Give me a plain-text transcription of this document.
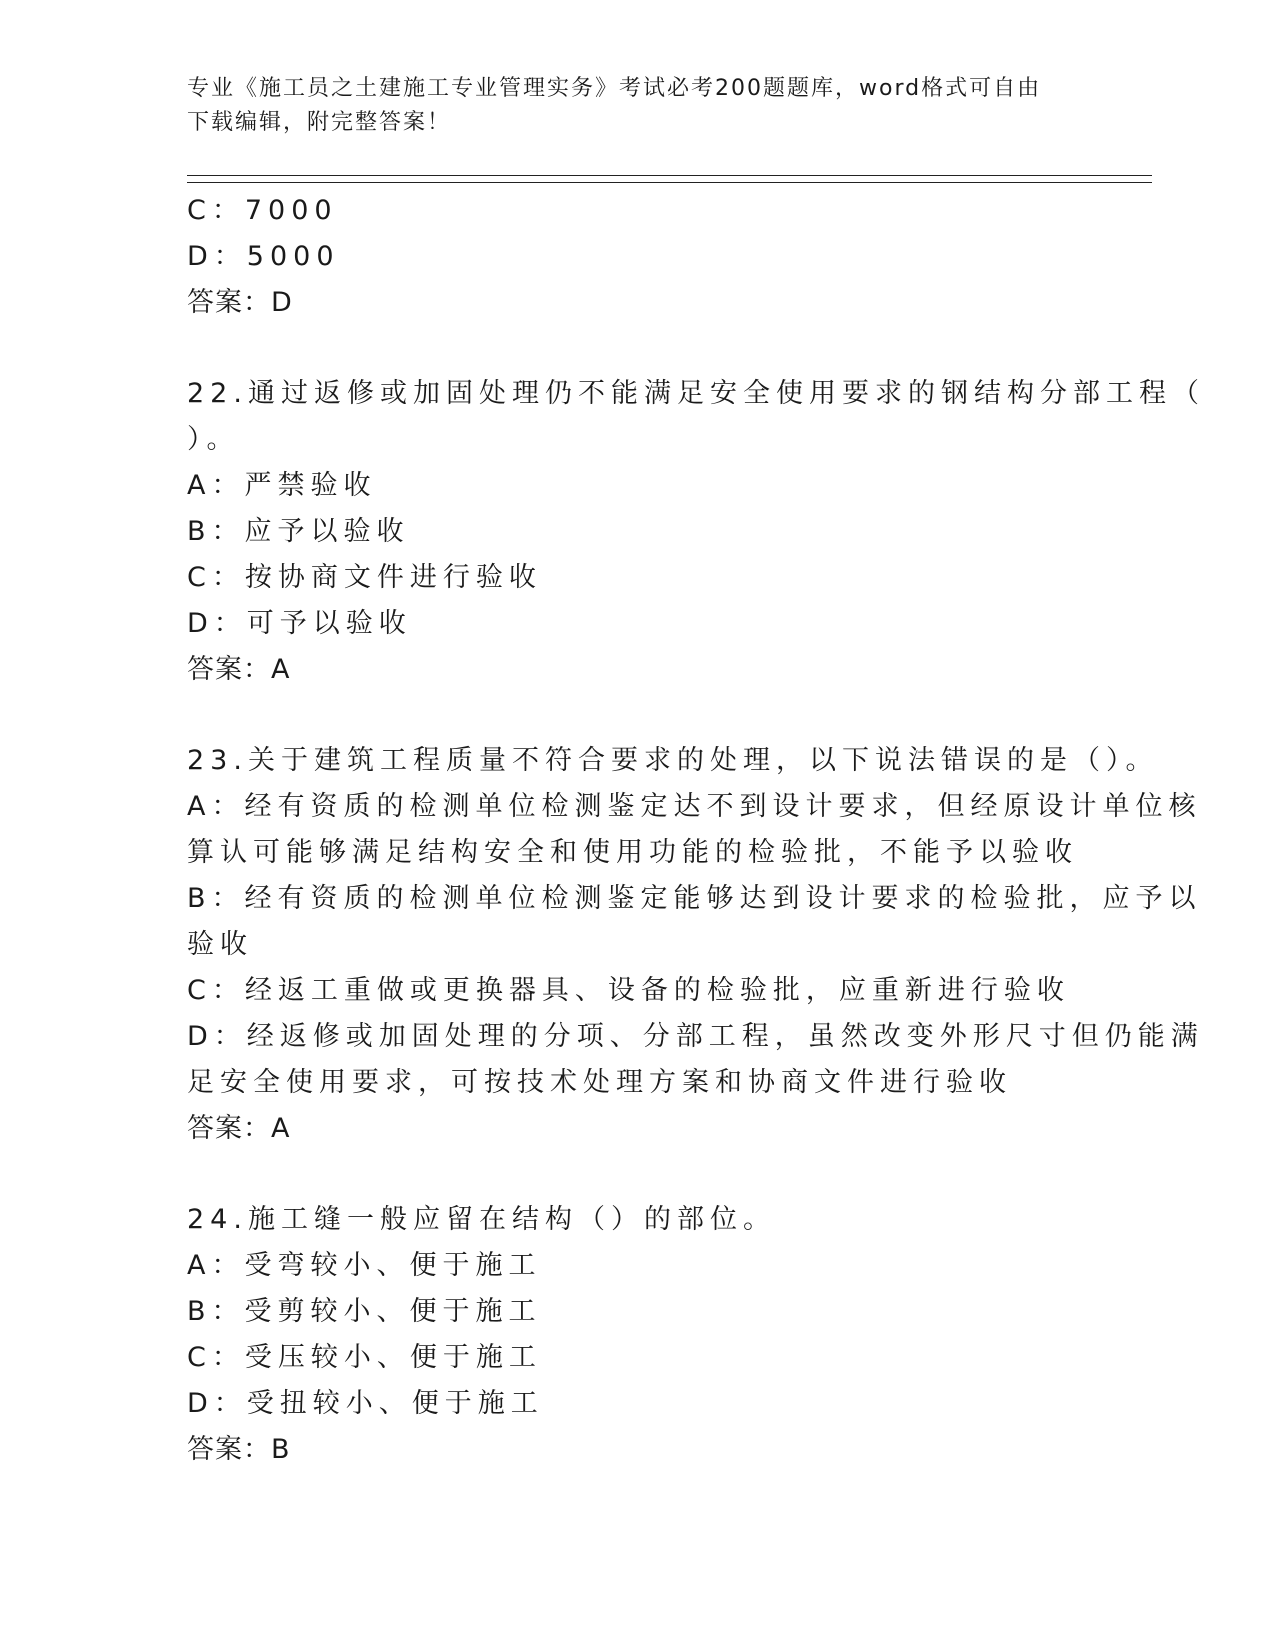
专业《施工员之土建施工专业管理实务》考试必考200题题库，word格式可自由
下载编辑，附完整答案！
C：7000
D：5000
答案：D
22.通过返修或加固处理仍不能满足安全使用要求的钢结构分部工程（
）。
A：严禁验收
B：应予以验收
C：按协商文件进行验收
D：可予以验收
答案：A
23.关于建筑工程质量不符合要求的处理，以下说法错误的是（）。
A：经有资质的检测单位检测鉴定达不到设计要求，但经原设计单位核
算认可能够满足结构安全和使用功能的检验批，不能予以验收
B：经有资质的检测单位检测鉴定能够达到设计要求的检验批，应予以
验收
C：经返工重做或更换器具、设备的检验批，应重新进行验收
D：经返修或加固处理的分项、分部工程，虽然改变外形尺寸但仍能满
足安全使用要求，可按技术处理方案和协商文件进行验收
答案：A
24.施工缝一般应留在结构（）的部位。
A：受弯较小、便于施工
B：受剪较小、便于施工
C：受压较小、便于施工
D：受扭较小、便于施工
答案：B
